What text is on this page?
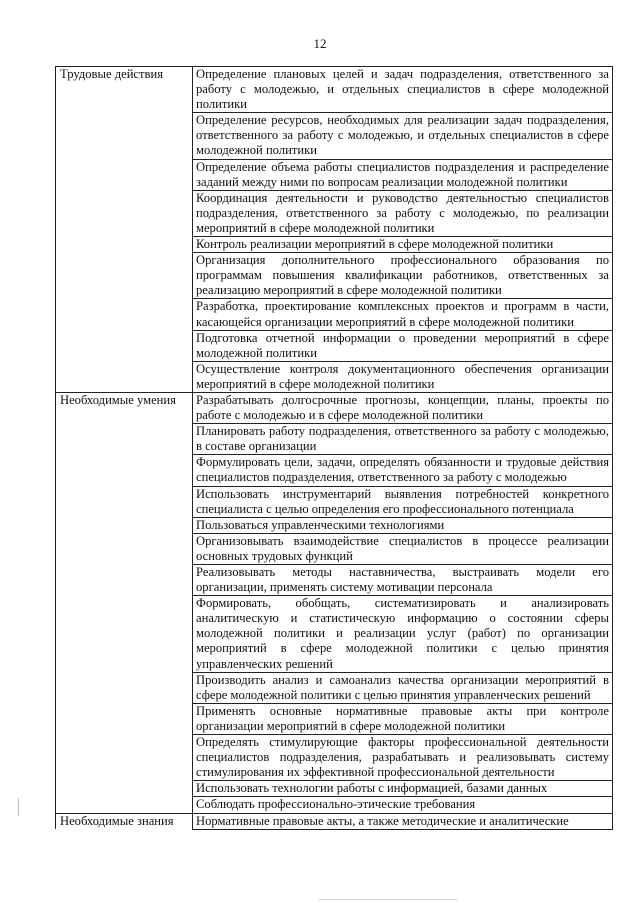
12
Трудовые действия	Определение плановых целей и задач подразделения, ответственного за работу с молодежью, и отдельных специалистов в сфере молодежной политики
	Определение ресурсов, необходимых для реализации задач подразделения, ответственного за работу с молодежью, и отдельных специалистов в сфере молодежной политики
	Определение объема работы специалистов подразделения и распределение заданий между ними по вопросам реализации молодежной политики
	Координация деятельности и руководство деятельностью специалистов подразделения, ответственного за работу с молодежью, по реализации мероприятий в сфере молодежной политики
	Контроль реализации мероприятий в сфере молодежной политики
	Организация дополнительного профессионального образования по программам повышения квалификации работников, ответственных за реализацию мероприятий в сфере молодежной политики
	Разработка, проектирование комплексных проектов и программ в части, касающейся организации мероприятий в сфере молодежной политики
	Подготовка отчетной информации о проведении мероприятий в сфере молодежной политики
	Осуществление контроля документационного обеспечения организации мероприятий в сфере молодежной политики
Необходимые умения	Разрабатывать долгосрочные прогнозы, концепции, планы, проекты по работе с молодежью и в сфере молодежной политики
	Планировать работу подразделения, ответственного за работу с молодежью, в составе организации
	Формулировать цели, задачи, определять обязанности и трудовые действия специалистов подразделения, ответственного за работу с молодежью
	Использовать инструментарий выявления потребностей конкретного специалиста с целью определения его профессионального потенциала
	Пользоваться управленческими технологиями
	Организовывать взаимодействие специалистов в процессе реализации основных трудовых функций
	Реализовывать методы наставничества, выстраивать модели его организации, применять систему мотивации персонала
	Формировать, обобщать, систематизировать и анализировать аналитическую и статистическую информацию о состоянии сферы молодежной политики и реализации услуг (работ) по организации мероприятий в сфере молодежной политики с целью принятия управленческих решений
	Производить анализ и самоанализ качества организации мероприятий в сфере молодежной политики с целью принятия управленческих решений
	Применять основные нормативные правовые акты при контроле организации мероприятий в сфере молодежной политики
	Определять стимулирующие факторы профессиональной деятельности специалистов подразделения, разрабатывать и реализовывать систему стимулирования их эффективной профессиональной деятельности
	Использовать технологии работы с информацией, базами данных
	Соблюдать профессионально-этические требования
Необходимые знания	Нормативные правовые акты, а также методические и аналитические
